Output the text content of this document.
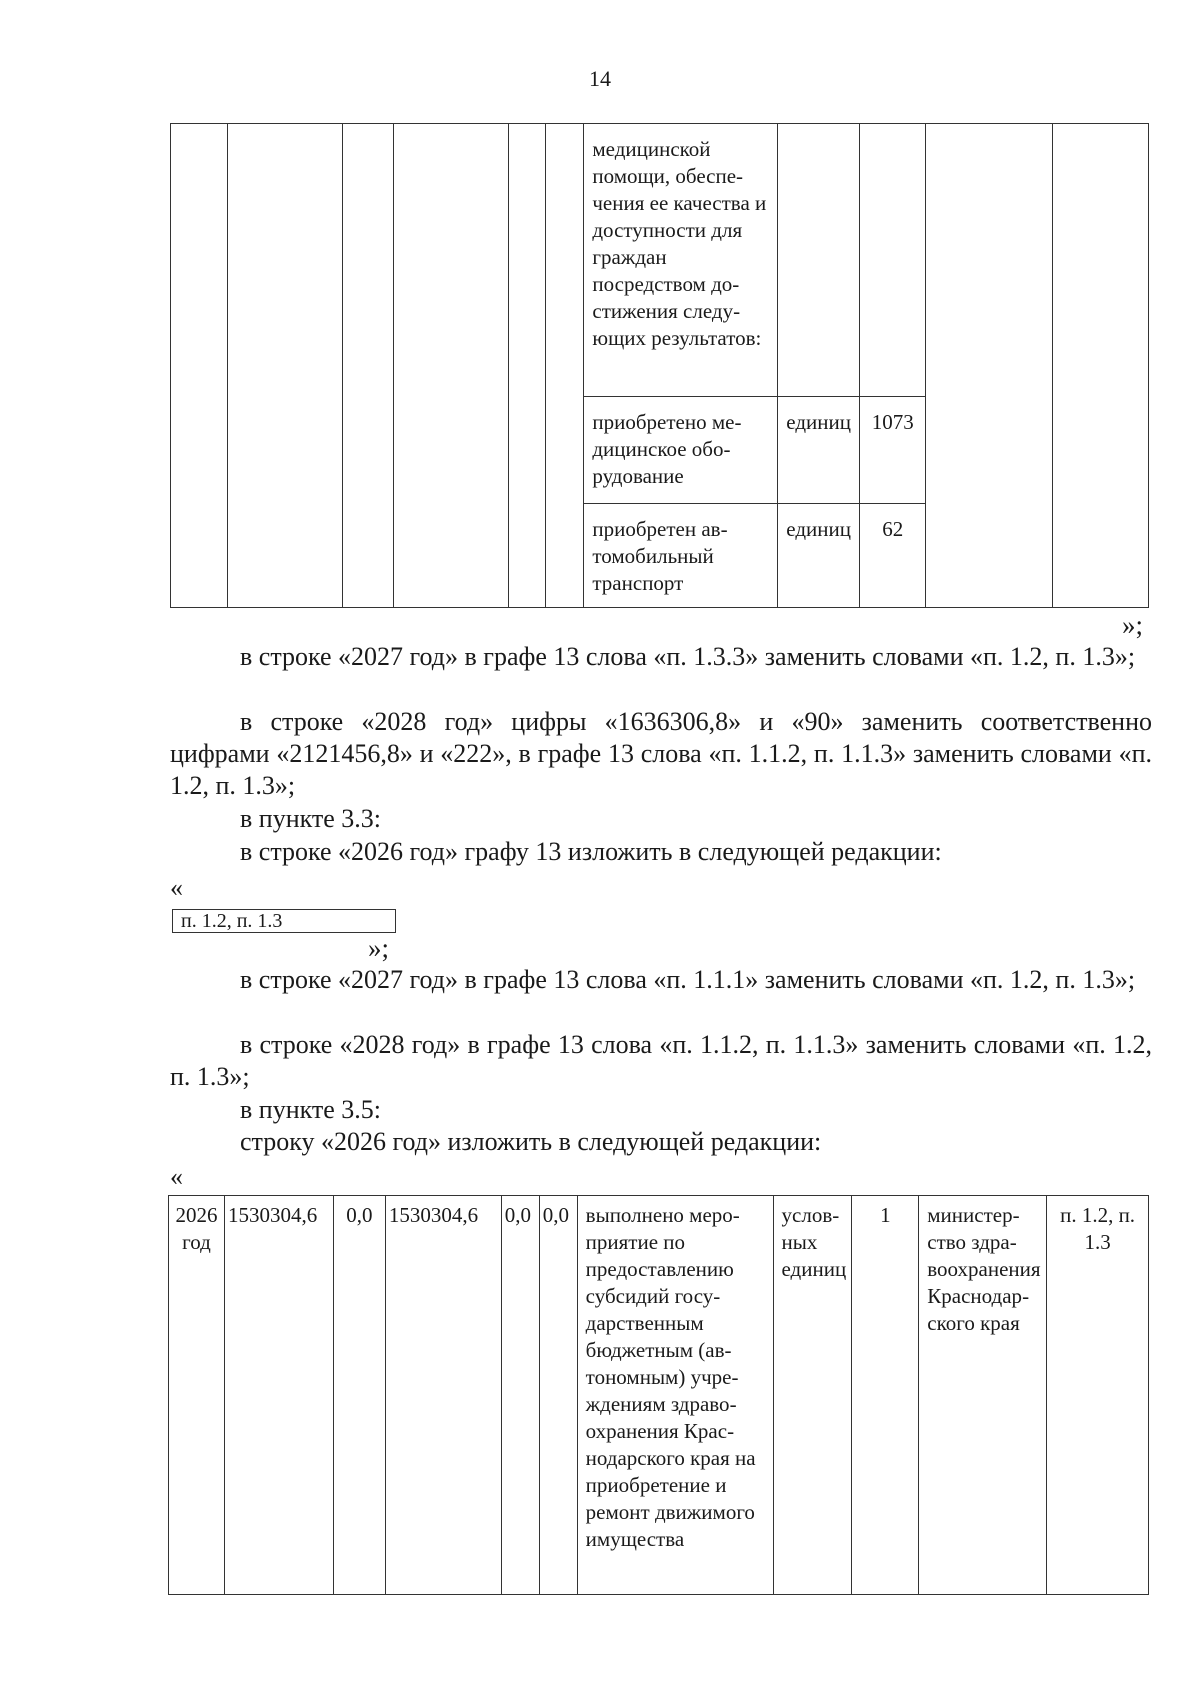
14
						медицинской помощи, обеспечения ее качества и доступности для граждан посредством достижения следующих результатов:				
						приобретено медицинское оборудование	единиц	1073		
						приобретен автомобильный транспорт	единиц	62		
»;
в строке «2027 год» в графе 13 слова «п. 1.3.3» заменить словами «п. 1.2, п. 1.3»;
в строке «2028 год» цифры «1636306,8» и «90» заменить соответственно цифрами «2121456,8» и «222», в графе 13 слова «п. 1.1.2, п. 1.1.3» заменить словами «п. 1.2, п. 1.3»;
в пункте 3.3:
в строке «2026 год» графу 13 изложить в следующей редакции:
«
п. 1.2, п. 1.3
»;
в строке «2027 год» в графе 13 слова «п. 1.1.1» заменить словами «п. 1.2, п. 1.3»;
в строке «2028 год» в графе 13 слова «п. 1.1.2, п. 1.1.3» заменить словами «п. 1.2, п. 1.3»;
в пункте 3.5:
строку «2026 год» изложить в следующей редакции:
«
2026 год	1530304,6	0,0	1530304,6	0,0	0,0	выполнено мероприятие по предоставлению субсидий государственным бюджетным (автономным) учреждениям здравоохранения Краснодарского края на приобретение и ремонт движимого имущества	условных единиц	1	министерство здравоохранения Краснодарского края	п. 1.2, п. 1.3
